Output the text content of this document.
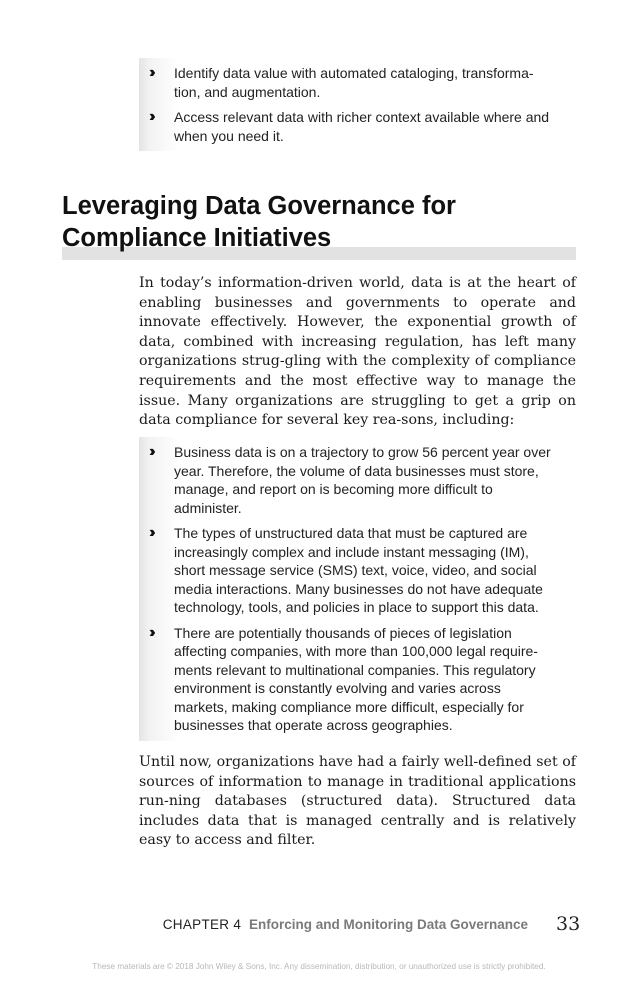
›› Identify data value with automated cataloging, transforma-tion, and augmentation.
›› Access relevant data with richer context available where and when you need it.
Leveraging Data Governance for Compliance Initiatives

In today’s information-driven world, data is at the heart of enabling businesses and governments to operate and innovate effectively. However, the exponential growth of data, combined with increasing regulation, has left many organizations strug-gling with the complexity of compliance requirements and the most effective way to manage the issue. Many organizations are struggling to get a grip on data compliance for several key rea-sons, including:

›› Business data is on a trajectory to grow 56 percent year over year. Therefore, the volume of data businesses must store, manage, and report on is becoming more difficult to administer.
›› The types of unstructured data that must be captured are increasingly complex and include instant messaging (IM), short message service (SMS) text, voice, video, and social media interactions. Many businesses do not have adequate technology, tools, and policies in place to support this data.
›› There are potentially thousands of pieces of legislation affecting companies, with more than 100,000 legal require-ments relevant to multinational companies. This regulatory environment is constantly evolving and varies across markets, making compliance more difficult, especially for businesses that operate across geographies.

Until now, organizations have had a fairly well-defined set of sources of information to manage in traditional applications run-ning databases (structured data). Structured data includes data that is managed centrally and is relatively easy to access and filter.

CHAPTER 4 Enforcing and Monitoring Data Governance 33
These materials are © 2018 John Wiley & Sons, Inc. Any dissemination, distribution, or unauthorized use is strictly prohibited.
